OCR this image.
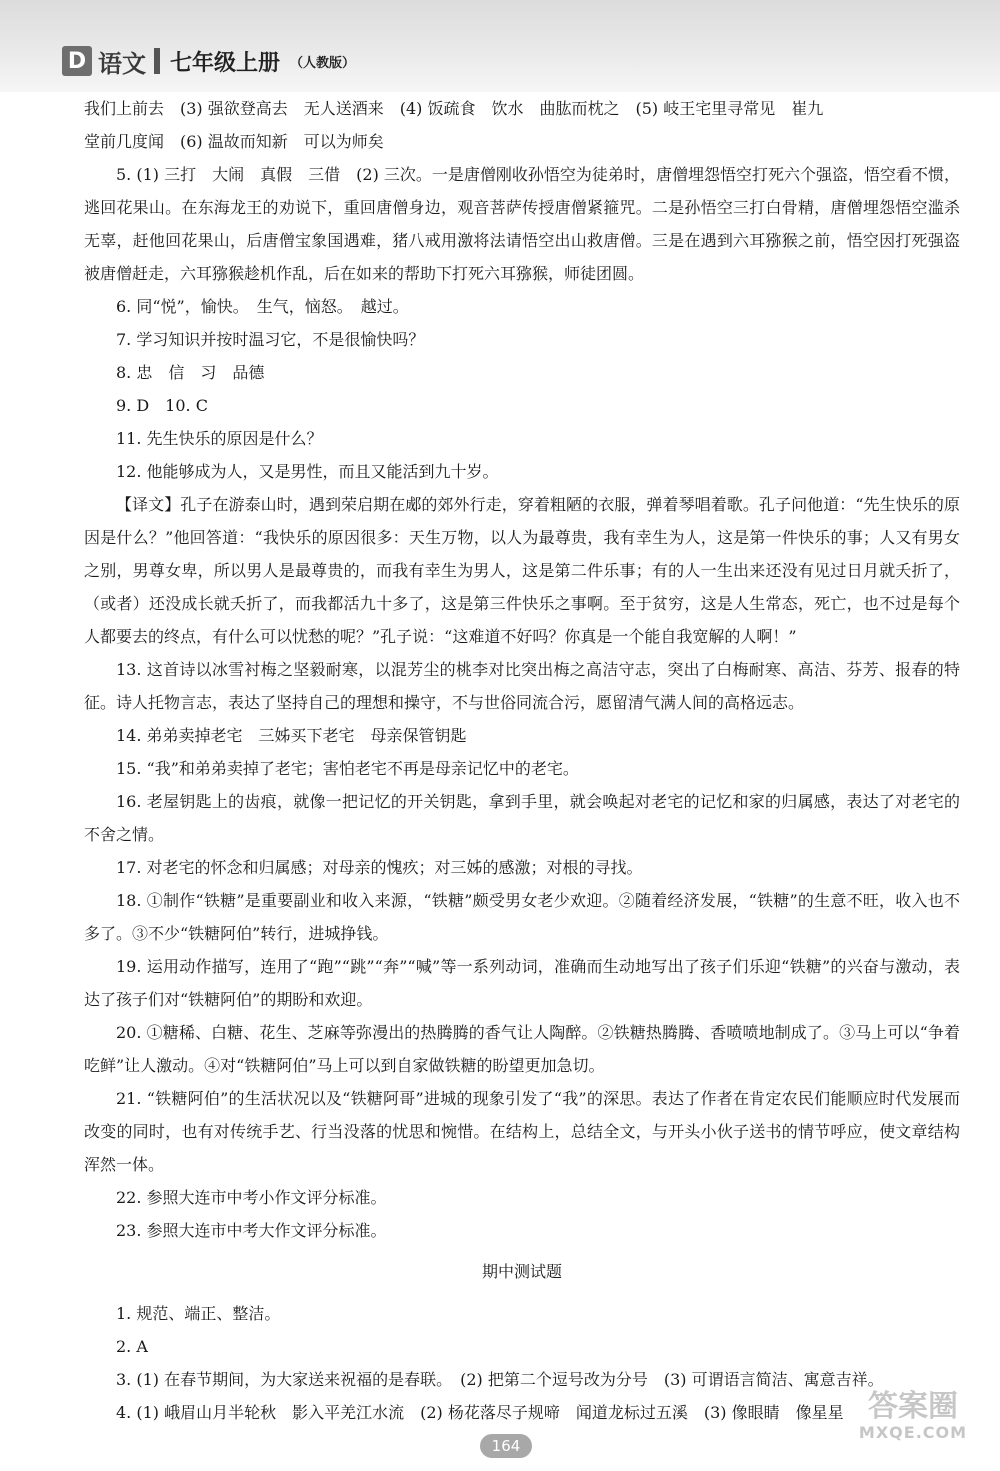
D 语文 七年级上册 （人教版）

我们上前去　(3) 强欲登高去　无人送酒来　(4) 饭疏食　饮水　曲肱而枕之　(5) 岐王宅里寻常见　崔九

堂前几度闻　(6) 温故而知新　可以为师矣

5. (1) 三打　大闹　真假　三借　(2) 三次。一是唐僧刚收孙悟空为徒弟时，唐僧埋怨悟空打死六个强盗，悟空看不惯，逃回花果山。在东海龙王的劝说下，重回唐僧身边，观音菩萨传授唐僧紧箍咒。二是孙悟空三打白骨精，唐僧埋怨悟空滥杀无辜，赶他回花果山，后唐僧宝象国遇难，猪八戒用激将法请悟空出山救唐僧。三是在遇到六耳猕猴之前，悟空因打死强盗被唐僧赶走，六耳猕猴趁机作乱，后在如来的帮助下打死六耳猕猴，师徒团圆。

6. 同“悦”，愉快。　生气，恼怒。　越过。

7. 学习知识并按时温习它，不是很愉快吗？

8. 忠　信　习　品德

9. D　10. C

11. 先生快乐的原因是什么？

12. 他能够成为人，又是男性，而且又能活到九十岁。

【译文】孔子在游泰山时，遇到荣启期在郕的郊外行走，穿着粗陋的衣服，弹着琴唱着歌。孔子问他道：“先生快乐的原因是什么？”他回答道：“我快乐的原因很多：天生万物，以人为最尊贵，我有幸生为人，这是第一件快乐的事；人又有男女之别，男尊女卑，所以男人是最尊贵的，而我有幸生为男人，这是第二件乐事；有的人一生出来还没有见过日月就夭折了，（或者）还没成长就夭折了，而我都活九十多了，这是第三件快乐之事啊。至于贫穷，这是人生常态，死亡，也不过是每个人都要去的终点，有什么可以忧愁的呢？”孔子说：“这难道不好吗？你真是一个能自我宽解的人啊！”

13. 这首诗以冰雪衬梅之坚毅耐寒，以混芳尘的桃李对比突出梅之高洁守志，突出了白梅耐寒、高洁、芬芳、报春的特征。诗人托物言志，表达了坚持自己的理想和操守，不与世俗同流合污，愿留清气满人间的高格远志。

14. 弟弟卖掉老宅　三姊买下老宅　母亲保管钥匙

15. “我”和弟弟卖掉了老宅；害怕老宅不再是母亲记忆中的老宅。

16. 老屋钥匙上的齿痕，就像一把记忆的开关钥匙，拿到手里，就会唤起对老宅的记忆和家的归属感，表达了对老宅的不舍之情。

17. 对老宅的怀念和归属感；对母亲的愧疚；对三姊的感激；对根的寻找。

18. ①制作“铁糖”是重要副业和收入来源，“铁糖”颇受男女老少欢迎。②随着经济发展，“铁糖”的生意不旺，收入也不多了。③不少“铁糖阿伯”转行，进城挣钱。

19. 运用动作描写，连用了“跑”“跳”“奔”“喊”等一系列动词，准确而生动地写出了孩子们乐迎“铁糖”的兴奋与激动，表达了孩子们对“铁糖阿伯”的期盼和欢迎。

20. ①糖稀、白糖、花生、芝麻等弥漫出的热腾腾的香气让人陶醉。②铁糖热腾腾、香喷喷地制成了。③马上可以“争着吃鲜”让人激动。④对“铁糖阿伯”马上可以到自家做铁糖的盼望更加急切。

21. “铁糖阿伯”的生活状况以及“铁糖阿哥”进城的现象引发了“我”的深思。表达了作者在肯定农民们能顺应时代发展而改变的同时，也有对传统手艺、行当没落的忧思和惋惜。在结构上，总结全文，与开头小伙子送书的情节呼应，使文章结构浑然一体。

22. 参照大连市中考小作文评分标准。

23. 参照大连市中考大作文评分标准。

期中测试题

1. 规范、端正、整洁。

2. A

3. (1) 在春节期间，为大家送来祝福的是春联。　(2) 把第二个逗号改为分号　(3) 可谓语言简洁、寓意吉祥。

4. (1) 峨眉山月半轮秋　影入平羌江水流　(2) 杨花落尽子规啼　闻道龙标过五溪　(3) 像眼睛　像星星

164
答案圈
MXQE.COM
